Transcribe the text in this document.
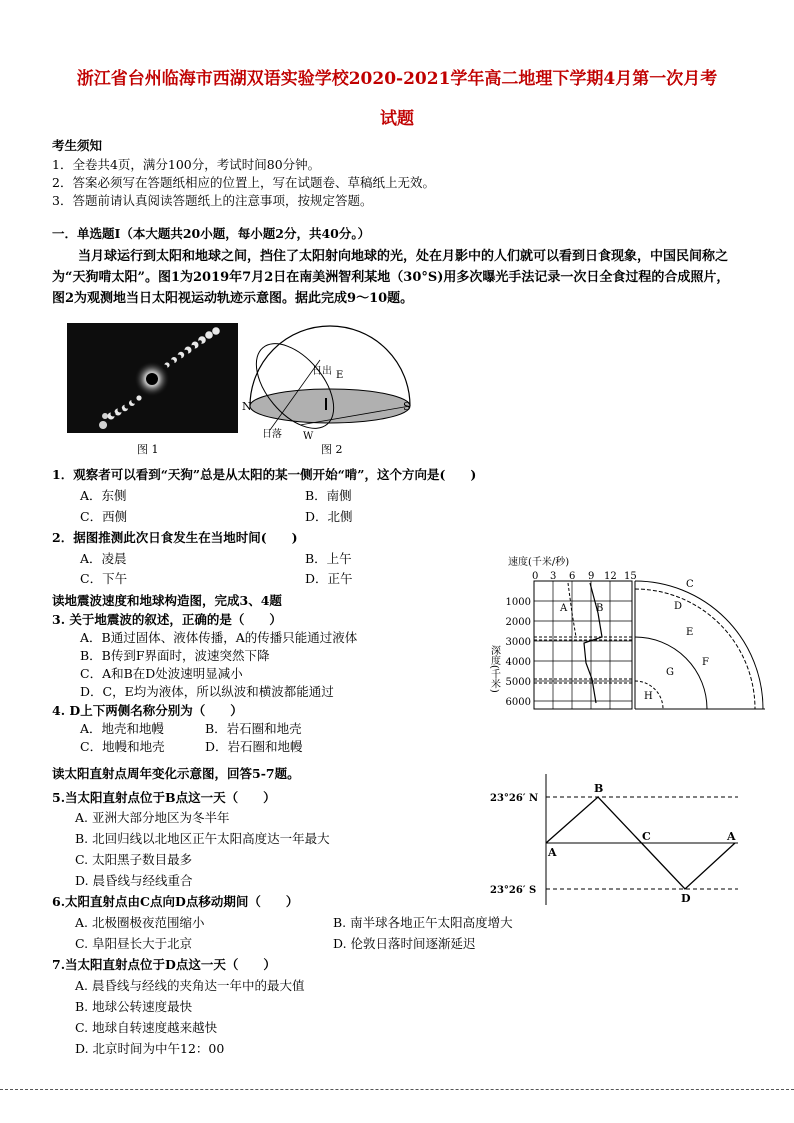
浙江省台州临海市西湖双语实验学校2020-2021学年高二地理下学期4月第一次月考
试题
考生须知
1．全卷共4页，满分100分，考试时间80分钟。
2．答案必须写在答题纸相应的位置上，写在试题卷、草稿纸上无效。
3．答题前请认真阅读答题纸上的注意事项，按规定答题。
一．单选题Ⅰ（本大题共20小题，每小题2分，共40分。）
当月球运行到太阳和地球之间，挡住了太阳射向地球的光，处在月影中的人们就可以看到日食现象，中国民间称之为“天狗啃太阳”。图1为2019年7月2日在南美洲智利某地（30°S)用多次曝光手法记录一次日全食过程的合成照片，图2为观测地当日太阳视运动轨迹示意图。据此完成9～10题。
图 1
N	S
日出 E
日落 W
图 2
1．观察者可以看到“天狗”总是从太阳的某一侧开始“啃”，这个方向是(　　)
A．东侧	B．南侧
C．西侧	D．北侧
2．据图推测此次日食发生在当地时间(　　)
A．凌晨	B．上午
C．下午	D．正午
读地震波速度和地球构造图，完成3、4题
3. 关于地震波的叙述，正确的是（　　）
A．B通过固体、液体传播，A的传播只能通过液体
B．B传到F界面时，波速突然下降
C．A和B在D处波速明显减小
D．C，E均为液体，所以纵波和横波都能通过
4. D上下两侧名称分别为（　　）
A．地壳和地幔	B．岩石圈和地壳
C．地幔和地壳	D．岩石圈和地幔
速度(千米/秒)
0 3 6 9 12 15
1000
2000
3000
4000
5000
6000
深度(千米)
A	B
C
D
E
F
G
H
读太阳直射点周年变化示意图，回答5-7题。
5.当太阳直射点位于B点这一天（　　）
A. 亚洲大部分地区为冬半年
B. 北回归线以北地区正午太阳高度达一年最大
C. 太阳黑子数目最多
D. 晨昏线与经线重合
6.太阳直射点由C点向D点移动期间（　　）
A. 北极圈极夜范围缩小	B. 南半球各地正午太阳高度增大
C. 阜阳昼长大于北京	D. 伦敦日落时间逐渐延迟
7.当太阳直射点位于D点这一天（　　）
A. 晨昏线与经线的夹角达一年中的最大值
B. 地球公转速度最快
C. 地球自转速度越来越快
D. 北京时间为中午12：00
23°26′ N
23°26′ S
A
B
C	A
D
